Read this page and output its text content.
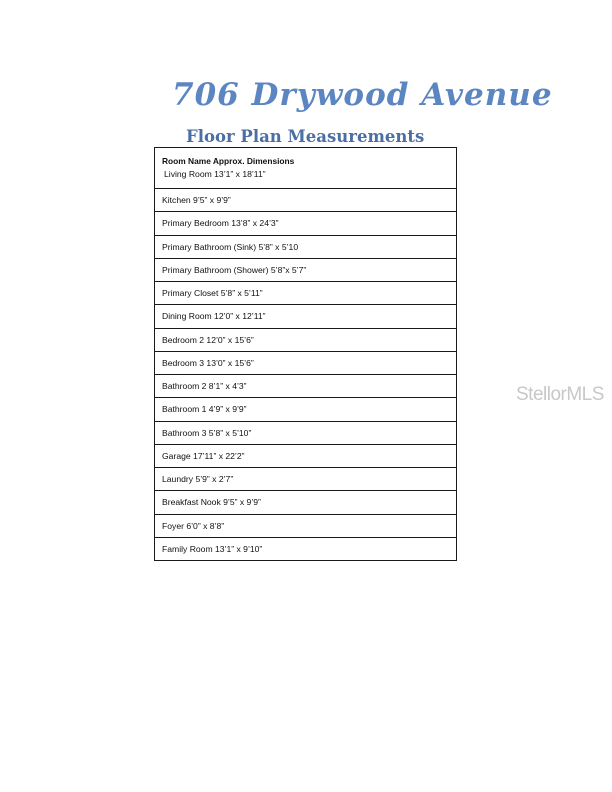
706 Drywood Avenue
Floor Plan Measurements
Room Name Approx. Dimensions
Living Room 13’1” x 18’11”
Kitchen 9’5” x 9’9”
Primary Bedroom 13’8” x 24’3”
Primary Bathroom (Sink) 5’8” x 5’10
Primary Bathroom (Shower) 5’8”x 5’7”
Primary Closet 5’8” x 5’11”
Dining Room 12’0” x 12’11”
Bedroom 2 12’0” x 15’6”
Bedroom 3 13’0” x 15’6”
Bathroom 2 8’1” x 4’3”
Bathroom 1 4’9” x 9’9”
Bathroom 3 5’8” x 5’10”
Garage 17’11” x 22’2”
Laundry 5’9” x 2’7”
Breakfast Nook 9’5” x 9’9”
Foyer 6’0” x 8’8”
Family Room 13’1” x 9’10”
StellorMLS
